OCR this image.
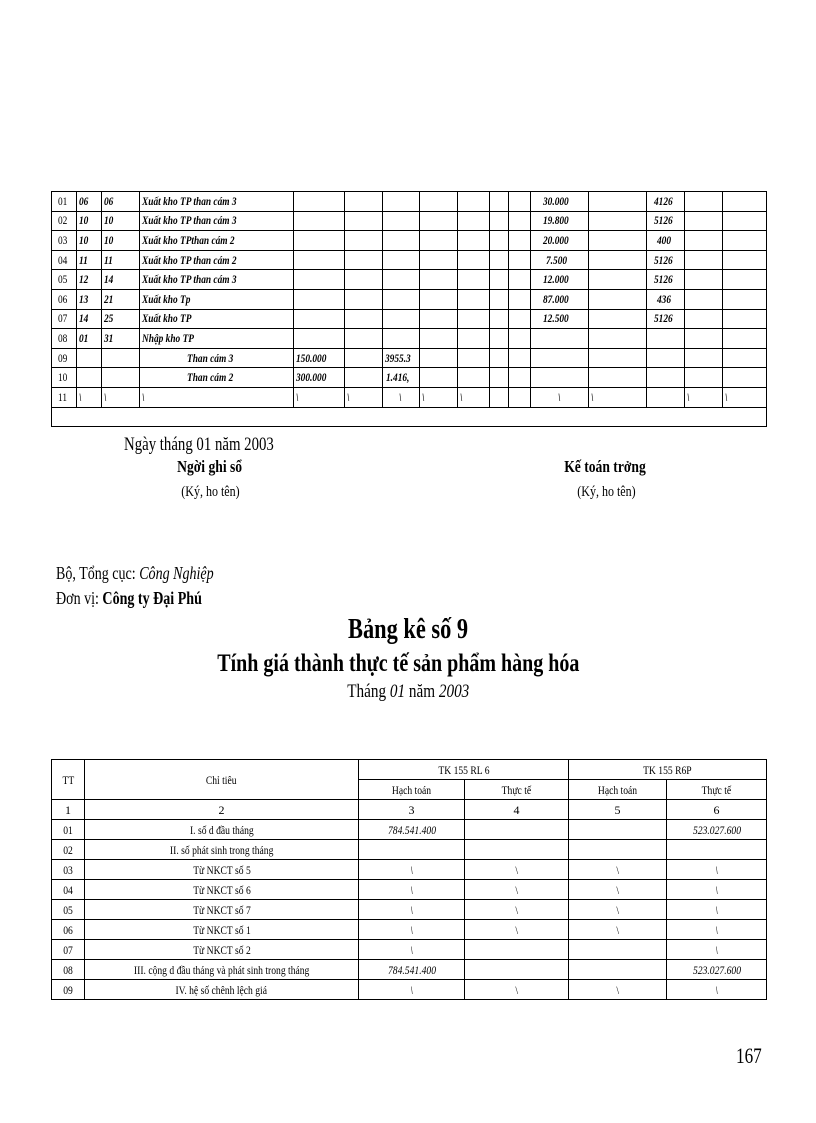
01	06	06	Xuất kho TP than cám 3									30.000		4126		
02	10	10	Xuất kho TP than cám 3									19.800		5126		
03	10	10	Xuất kho TPthan cám 2									20.000		400		
04	11	11	Xuất kho TP than cám 2									7.500		5126		
05	12	14	Xuất kho TP than cám 3									12.000		5126		
06	13	21	Xuất kho Tp									87.000		436		
07	14	25	Xuất kho TP									12.500		5126		
08	01	31	Nhập kho TP													
09			Than cám 3	150.000		3955.3										
10			Than cám 2	300.000		1.416,										
11	\	\	\	\	\	\	\	\				\	\		\	\

Ngày tháng 01 năm 2003
Ngời ghi sổ
(Ký, ho tên)
Kế toán trởng
(Ký, ho tên)
Bộ, Tổng cục: Công Nghiệp
Đơn vị: Công ty Đại Phú
Bảng kê số 9
Tính giá thành thực tế sản phẩm hàng hóa
Tháng 01 năm 2003
TT	Chỉ tiêu	TK 155 RL 6		TK 155 R6P	
		Hạch toán	Thực tế	Hạch toán	Thực tế
1	2	3	4	5	6
01	I. số d đầu tháng	784.541.400			523.027.600
02	II. số phát sinh trong tháng				
03	Từ NKCT số 5	\	\	\	\
04	Từ NKCT số 6	\	\	\	\
05	Từ NKCT số 7	\	\	\	\
06	Từ NKCT số 1	\	\	\	\
07	Từ NKCT số 2	\			\
08	III. cộng d đầu tháng và phát sinh trong tháng	784.541.400			523.027.600
09	IV. hệ số chênh lệch giá	\	\	\	\
167
